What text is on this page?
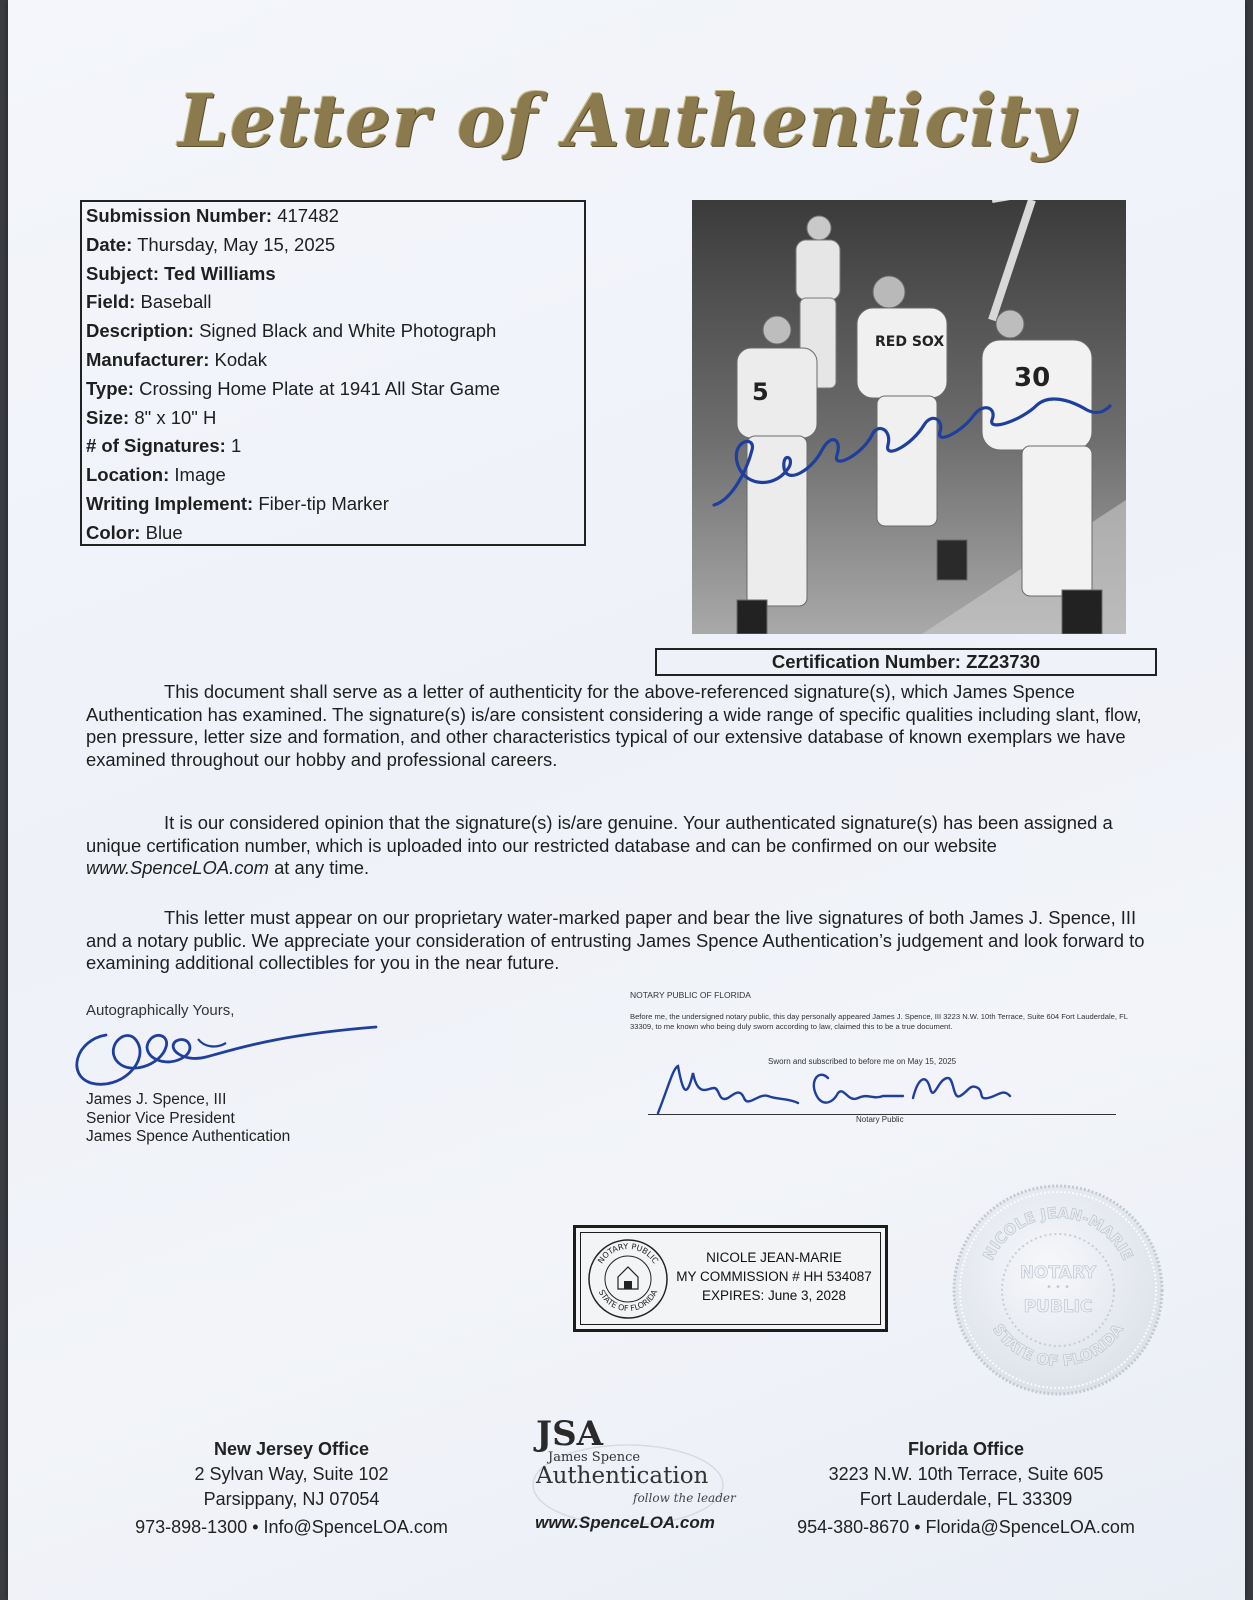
Letter of Authenticity
Submission Number: 417482
Date: Thursday, May 15, 2025
Subject: Ted Williams
Field: Baseball
Description: Signed Black and White Photograph
Manufacturer: Kodak
Type: Crossing Home Plate at 1941 All Star Game
Size: 8" x 10" H
# of Signatures: 1
Location: Image
Writing Implement: Fiber-tip Marker
Color: Blue
5
RED SOX
30
Certification Number: ZZ23730
This document shall serve as a letter of authenticity for the above-referenced signature(s), which James Spence Authentication has examined. The signature(s) is/are consistent considering a wide range of specific qualities including slant, flow, pen pressure, letter size and formation, and other characteristics typical of our extensive database of known exemplars we have examined throughout our hobby and professional careers.
It is our considered opinion that the signature(s) is/are genuine. Your authenticated signature(s) has been assigned a unique certification number, which is uploaded into our restricted database and can be confirmed on our website www.SpenceLOA.com at any time.
This letter must appear on our proprietary water-marked paper and bear the live signatures of both James J. Spence, III and a notary public. We appreciate your consideration of entrusting James Spence Authentication’s judgement and look forward to examining additional collectibles for you in the near future.
Autographically Yours,
James J. Spence, III
Senior Vice President
James Spence Authentication
NOTARY PUBLIC OF FLORIDA
Before me, the undersigned notary public, this day personally appeared James J. Spence, III 3223 N.W. 10th Terrace, Suite 604 Fort Lauderdale, FL 33309, to me known who being duly sworn according to law, claimed this to be a true document.
Sworn and subscribed to before me on May 15, 2025
Notary Public
NOTARY PUBLIC
STATE OF FLORIDA
NICOLE JEAN-MARIE
MY COMMISSION # HH 534087
EXPIRES: June 3, 2028
NICOLE JEAN-MARIE
STATE OF FLORIDA
NOTARY
• • •
PUBLIC
New Jersey Office
2 Sylvan Way, Suite 102
Parsippany, NJ 07054
973-898-1300 • Info@SpenceLOA.com
JSA
James Spence
Authentication
follow the leader
www.SpenceLOA.com
Florida Office
3223 N.W. 10th Terrace, Suite 605
Fort Lauderdale, FL 33309
954-380-8670 • Florida@SpenceLOA.com
